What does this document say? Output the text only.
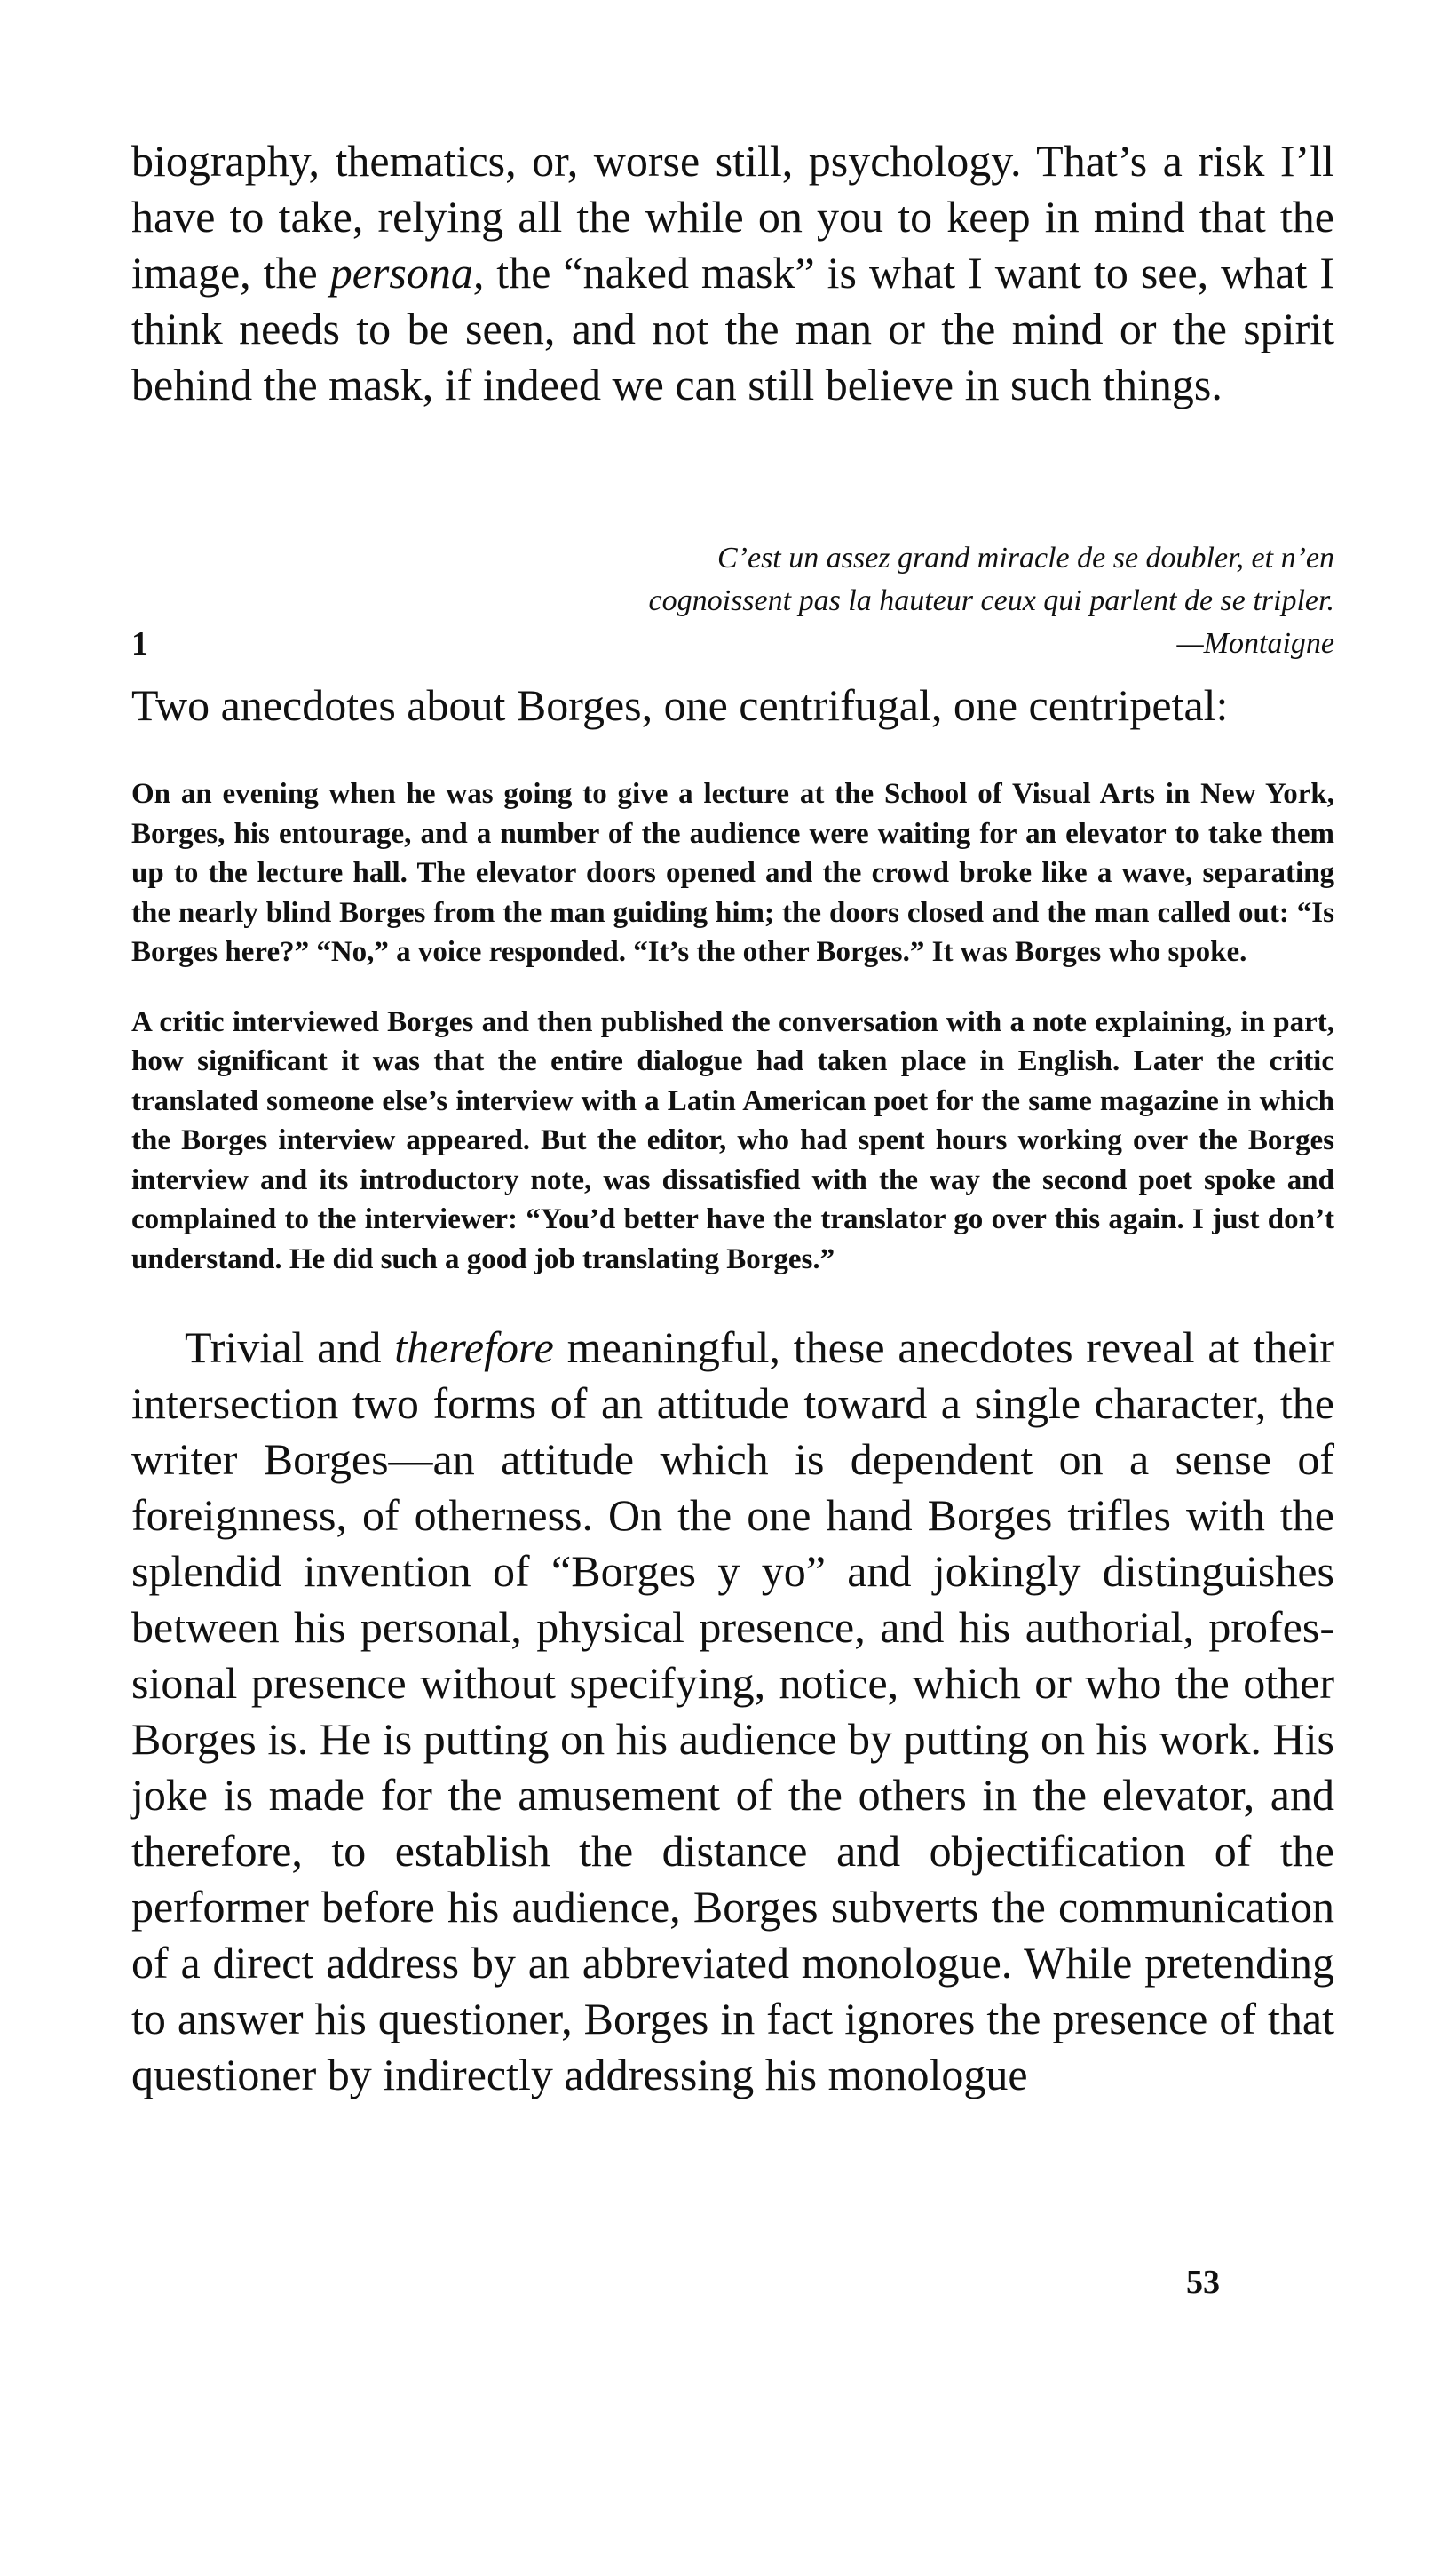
biography, thematics, or, worse still, psychology. That’s a risk I’ll have to take, relying all the while on you to keep in mind that the image, the persona, the “naked mask” is what I want to see, what I think needs to be seen, and not the man or the mind or the spirit behind the mask, if indeed we can still believe in such things.

C’est un assez grand miracle de se doubler, et n’en
cognoissent pas la hauteur ceux qui parlent de se tripler.
1	—Montaigne

Two anecdotes about Borges, one centrifugal, one centripetal:

On an evening when he was going to give a lecture at the School of Visual Arts in New York, Borges, his entourage, and a number of the audience were waiting for an elevator to take them up to the lecture hall. The elevator doors opened and the crowd broke like a wave, separating the nearly blind Borges from the man guiding him; the doors closed and the man called out: “Is Borges here?” “No,” a voice responded. “It’s the other Borges.” It was Borges who spoke.

A critic interviewed Borges and then published the conversation with a note explaining, in part, how significant it was that the entire dialogue had taken place in English. Later the critic translated someone else’s interview with a Latin American poet for the same magazine in which the Borges interview appeared. But the editor, who had spent hours working over the Borges interview and its introductory note, was dissatisfied with the way the second poet spoke and complained to the interviewer: “You’d better have the translator go over this again. I just don’t understand. He did such a good job translating Borges.”

Trivial and therefore meaningful, these anecdotes reveal at their intersection two forms of an attitude toward a single character, the writer Borges—an attitude which is dependent on a sense of foreignness, of otherness. On the one hand Borges trifles with the splendid invention of “Borges y yo” and jokingly distinguishes between his personal, physical presence, and his authorial, professional presence without specifying, notice, which or who the other Borges is. He is putting on his audience by putting on his work. His joke is made for the amusement of the others in the elevator, and therefore, to establish the distance and objectification of the performer before his audience, Borges subverts the communication of a direct address by an abbreviated monologue. While pretending to answer his questioner, Borges in fact ignores the presence of that questioner by indirectly addressing his monologue

53
